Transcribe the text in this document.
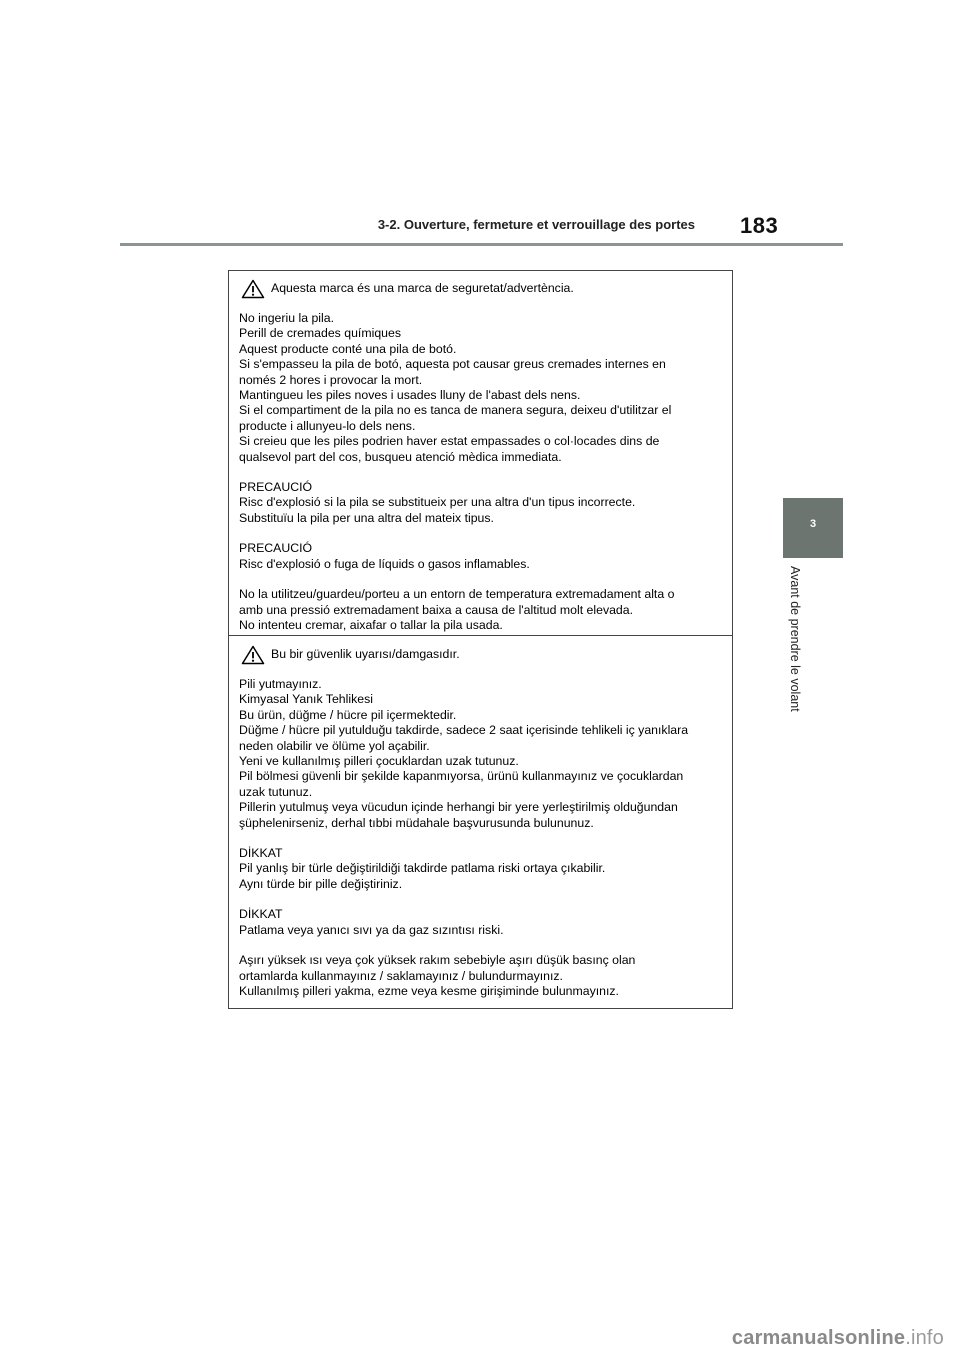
3-2. Ouverture, fermeture et verrouillage des portes 183
3
Avant de prendre le volant
Aquesta marca és una marca de seguretat/advertència.

No ingeriu la pila.

Perill de cremades químiques

Aquest producte conté una pila de botó.

Si s'empasseu la pila de botó, aquesta pot causar greus cremades internes en

només 2 hores i provocar la mort.

Mantingueu les piles noves i usades lluny de l'abast dels nens.

Si el compartiment de la pila no es tanca de manera segura, deixeu d'utilitzar el

producte i allunyeu-lo dels nens.

Si creieu que les piles podrien haver estat empassades o col·locades dins de

qualsevol part del cos, busqueu atenció mèdica immediata.

PRECAUCIÓ

Risc d'explosió si la pila se substitueix per una altra d'un tipus incorrecte.

Substituïu la pila per una altra del mateix tipus.

PRECAUCIÓ

Risc d'explosió o fuga de líquids o gasos inflamables.

No la utilitzeu/guardeu/porteu a un entorn de temperatura extremadament alta o

amb una pressió extremadament baixa a causa de l'altitud molt elevada.

No intenteu cremar, aixafar o tallar la pila usada.

Bu bir güvenlik uyarısı/damgasıdır.

Pili yutmayınız.

Kimyasal Yanık Tehlikesi

Bu ürün, düğme / hücre pil içermektedir.

Düğme / hücre pil yutulduğu takdirde, sadece 2 saat içerisinde tehlikeli iç yanıklara

neden olabilir ve ölüme yol açabilir.

Yeni ve kullanılmış pilleri çocuklardan uzak tutunuz.

Pil bölmesi güvenli bir şekilde kapanmıyorsa, ürünü kullanmayınız ve çocuklardan

uzak tutunuz.

Pillerin yutulmuş veya vücudun içinde herhangi bir yere yerleştirilmiş olduğundan

şüphelenirseniz, derhal tıbbi müdahale başvurusunda bulununuz.

DİKKAT

Pil yanlış bir türle değiştirildiği takdirde patlama riski ortaya çıkabilir.

Aynı türde bir pille değiştiriniz.

DİKKAT

Patlama veya yanıcı sıvı ya da gaz sızıntısı riski.

Aşırı yüksek ısı veya çok yüksek rakım sebebiyle aşırı düşük basınç olan

ortamlarda kullanmayınız / saklamayınız / bulundurmayınız.

Kullanılmış pilleri yakma, ezme veya kesme girişiminde bulunmayınız.

carmanualsonline.info
